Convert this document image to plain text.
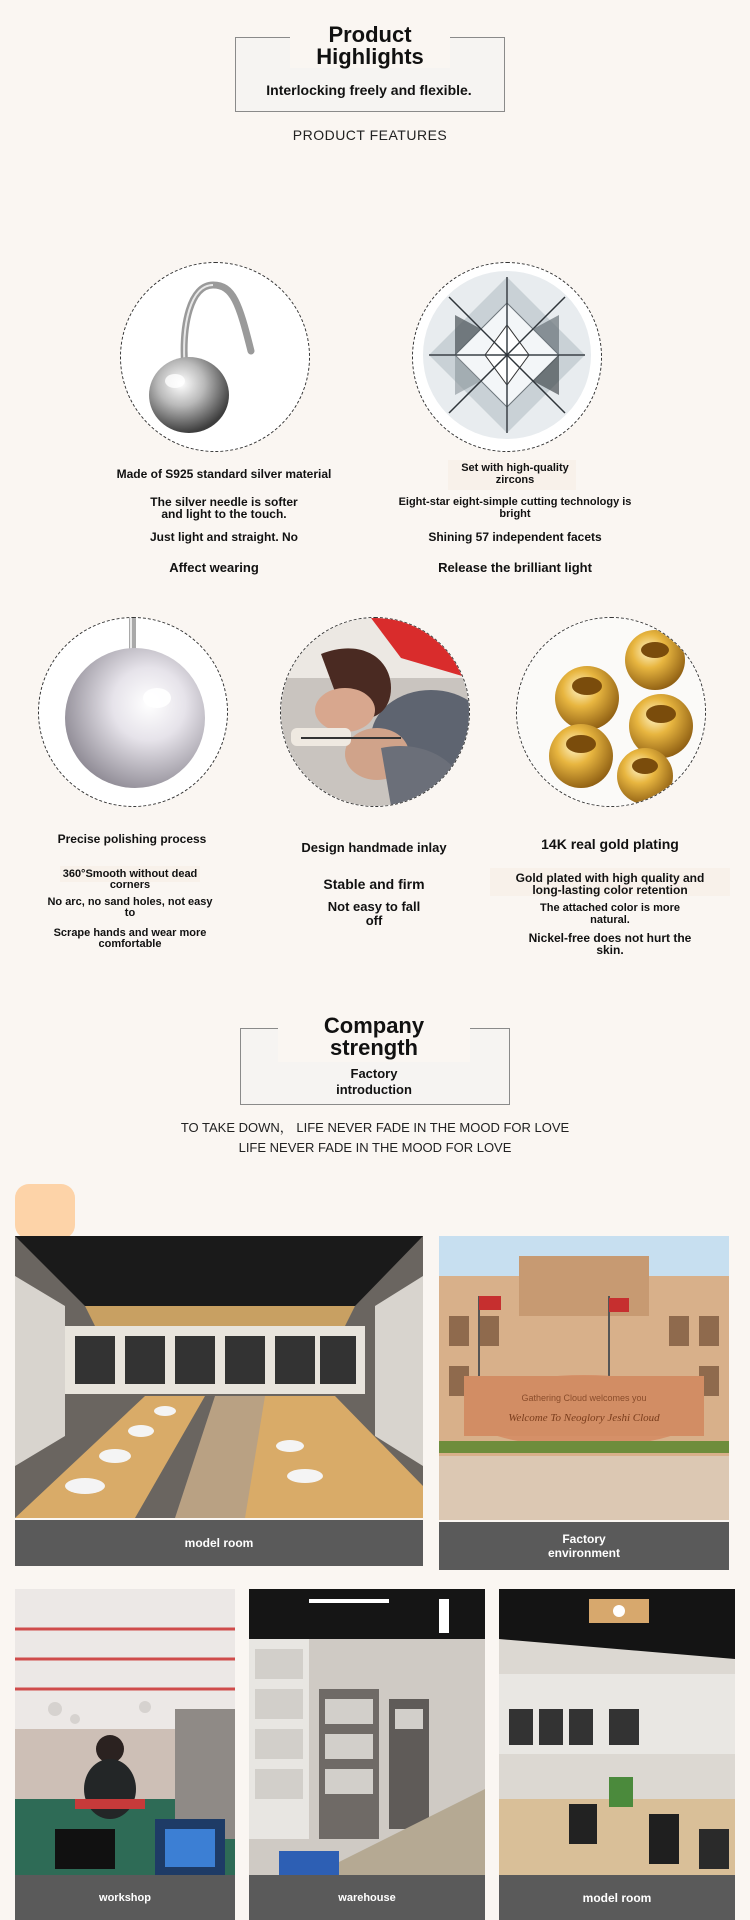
Product
Highlights
Interlocking freely and flexible.
PRODUCT FEATURES
Made of S925 standard silver material
The silver needle is softer
and light to the touch.
Just light and straight. No
Affect wearing
Set with high-quality
zircons
Eight-star eight-simple cutting technology is
bright
Shining 57 independent facets
Release the brilliant light
Precise polishing process
360°Smooth without dead
corners
No arc, no sand holes, not easy
to
Scrape hands and wear more
comfortable
Design handmade inlay
Stable and firm
Not easy to fall
off
14K real gold plating
Gold plated with high quality and
long-lasting color retention
The attached color is more
natural.
Nickel-free does not hurt the
skin.
Company
strength
Factory
introduction
TO TAKE DOWN， LIFE NEVER FADE IN THE MOOD FOR LOVE
LIFE NEVER FADE IN THE MOOD FOR LOVE
model room
Gathering Cloud welcomes you
Welcome To Neoglory Jeshi Cloud
Factory
environment
workshop	warehouse	model room
